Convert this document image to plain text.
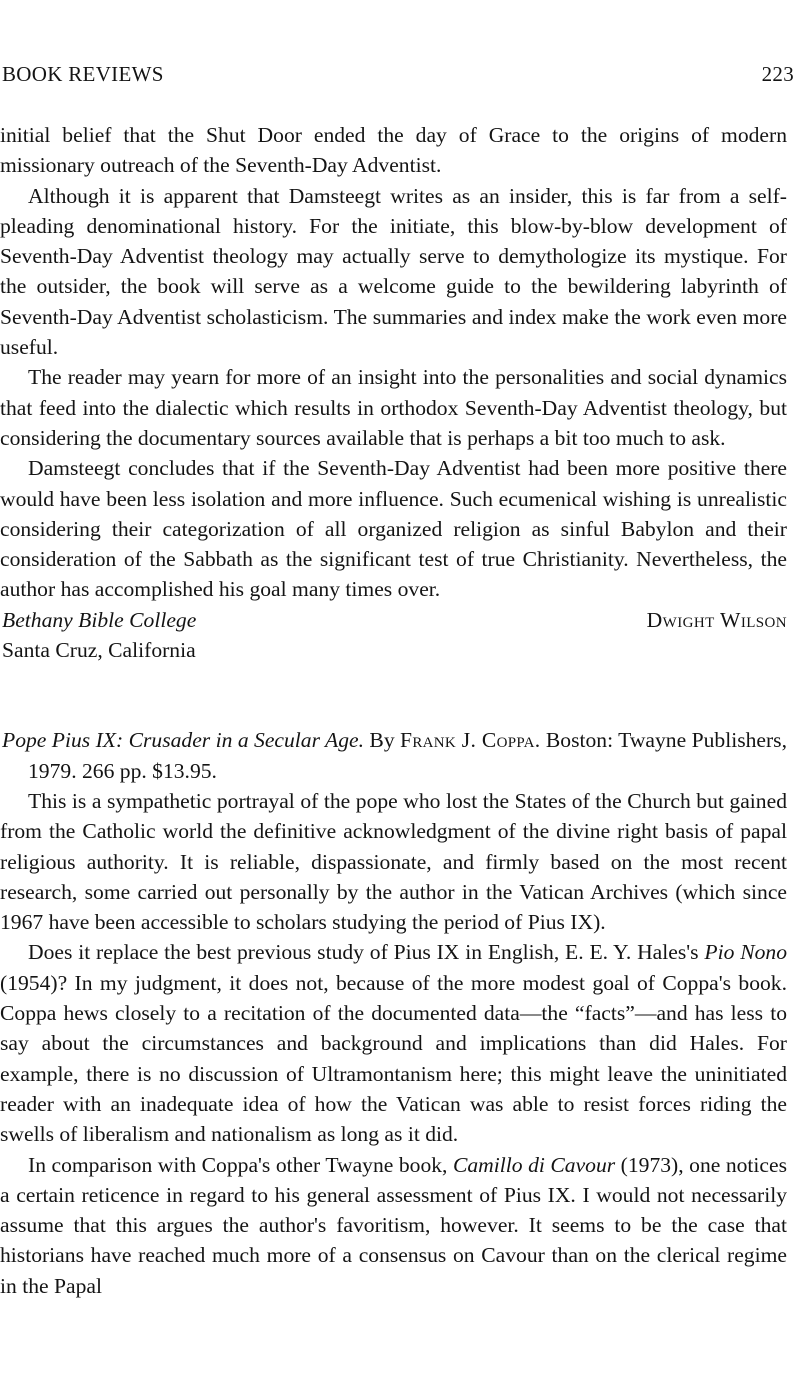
BOOK REVIEWS	223

initial belief that the Shut Door ended the day of Grace to the origins of modern missionary outreach of the Seventh-Day Adventist.

Although it is apparent that Damsteegt writes as an insider, this is far from a self-pleading denominational history. For the initiate, this blow-by-blow development of Seventh-Day Adventist theology may actually serve to demythologize its mystique. For the outsider, the book will serve as a welcome guide to the bewildering labyrinth of Seventh-Day Adventist scholasticism. The summaries and index make the work even more useful.

The reader may yearn for more of an insight into the personalities and social dynamics that feed into the dialectic which results in orthodox Seventh-Day Adventist theology, but considering the documentary sources available that is perhaps a bit too much to ask.

Damsteegt concludes that if the Seventh-Day Adventist had been more positive there would have been less isolation and more influence. Such ecumenical wishing is unrealistic considering their categorization of all organized religion as sinful Babylon and their consideration of the Sabbath as the significant test of true Christianity. Nevertheless, the author has accomplished his goal many times over.

Bethany Bible College
Santa Cruz, California
Dwight Wilson

Pope Pius IX: Crusader in a Secular Age. By Frank J. Coppa. Boston: Twayne Publishers, 1979. 266 pp. $13.95.

This is a sympathetic portrayal of the pope who lost the States of the Church but gained from the Catholic world the definitive acknowledgment of the divine right basis of papal religious authority. It is reliable, dispassionate, and firmly based on the most recent research, some carried out personally by the author in the Vatican Archives (which since 1967 have been accessible to scholars studying the period of Pius IX).

Does it replace the best previous study of Pius IX in English, E. E. Y. Hales's Pio Nono (1954)? In my judgment, it does not, because of the more modest goal of Coppa's book. Coppa hews closely to a recitation of the documented data—the “facts”—and has less to say about the circumstances and background and implications than did Hales. For example, there is no discussion of Ultramontanism here; this might leave the uninitiated reader with an inadequate idea of how the Vatican was able to resist forces riding the swells of liberalism and nationalism as long as it did.

In comparison with Coppa's other Twayne book, Camillo di Cavour (1973), one notices a certain reticence in regard to his general assessment of Pius IX. I would not necessarily assume that this argues the author's favoritism, however. It seems to be the case that historians have reached much more of a consensus on Cavour than on the clerical regime in the Papal
